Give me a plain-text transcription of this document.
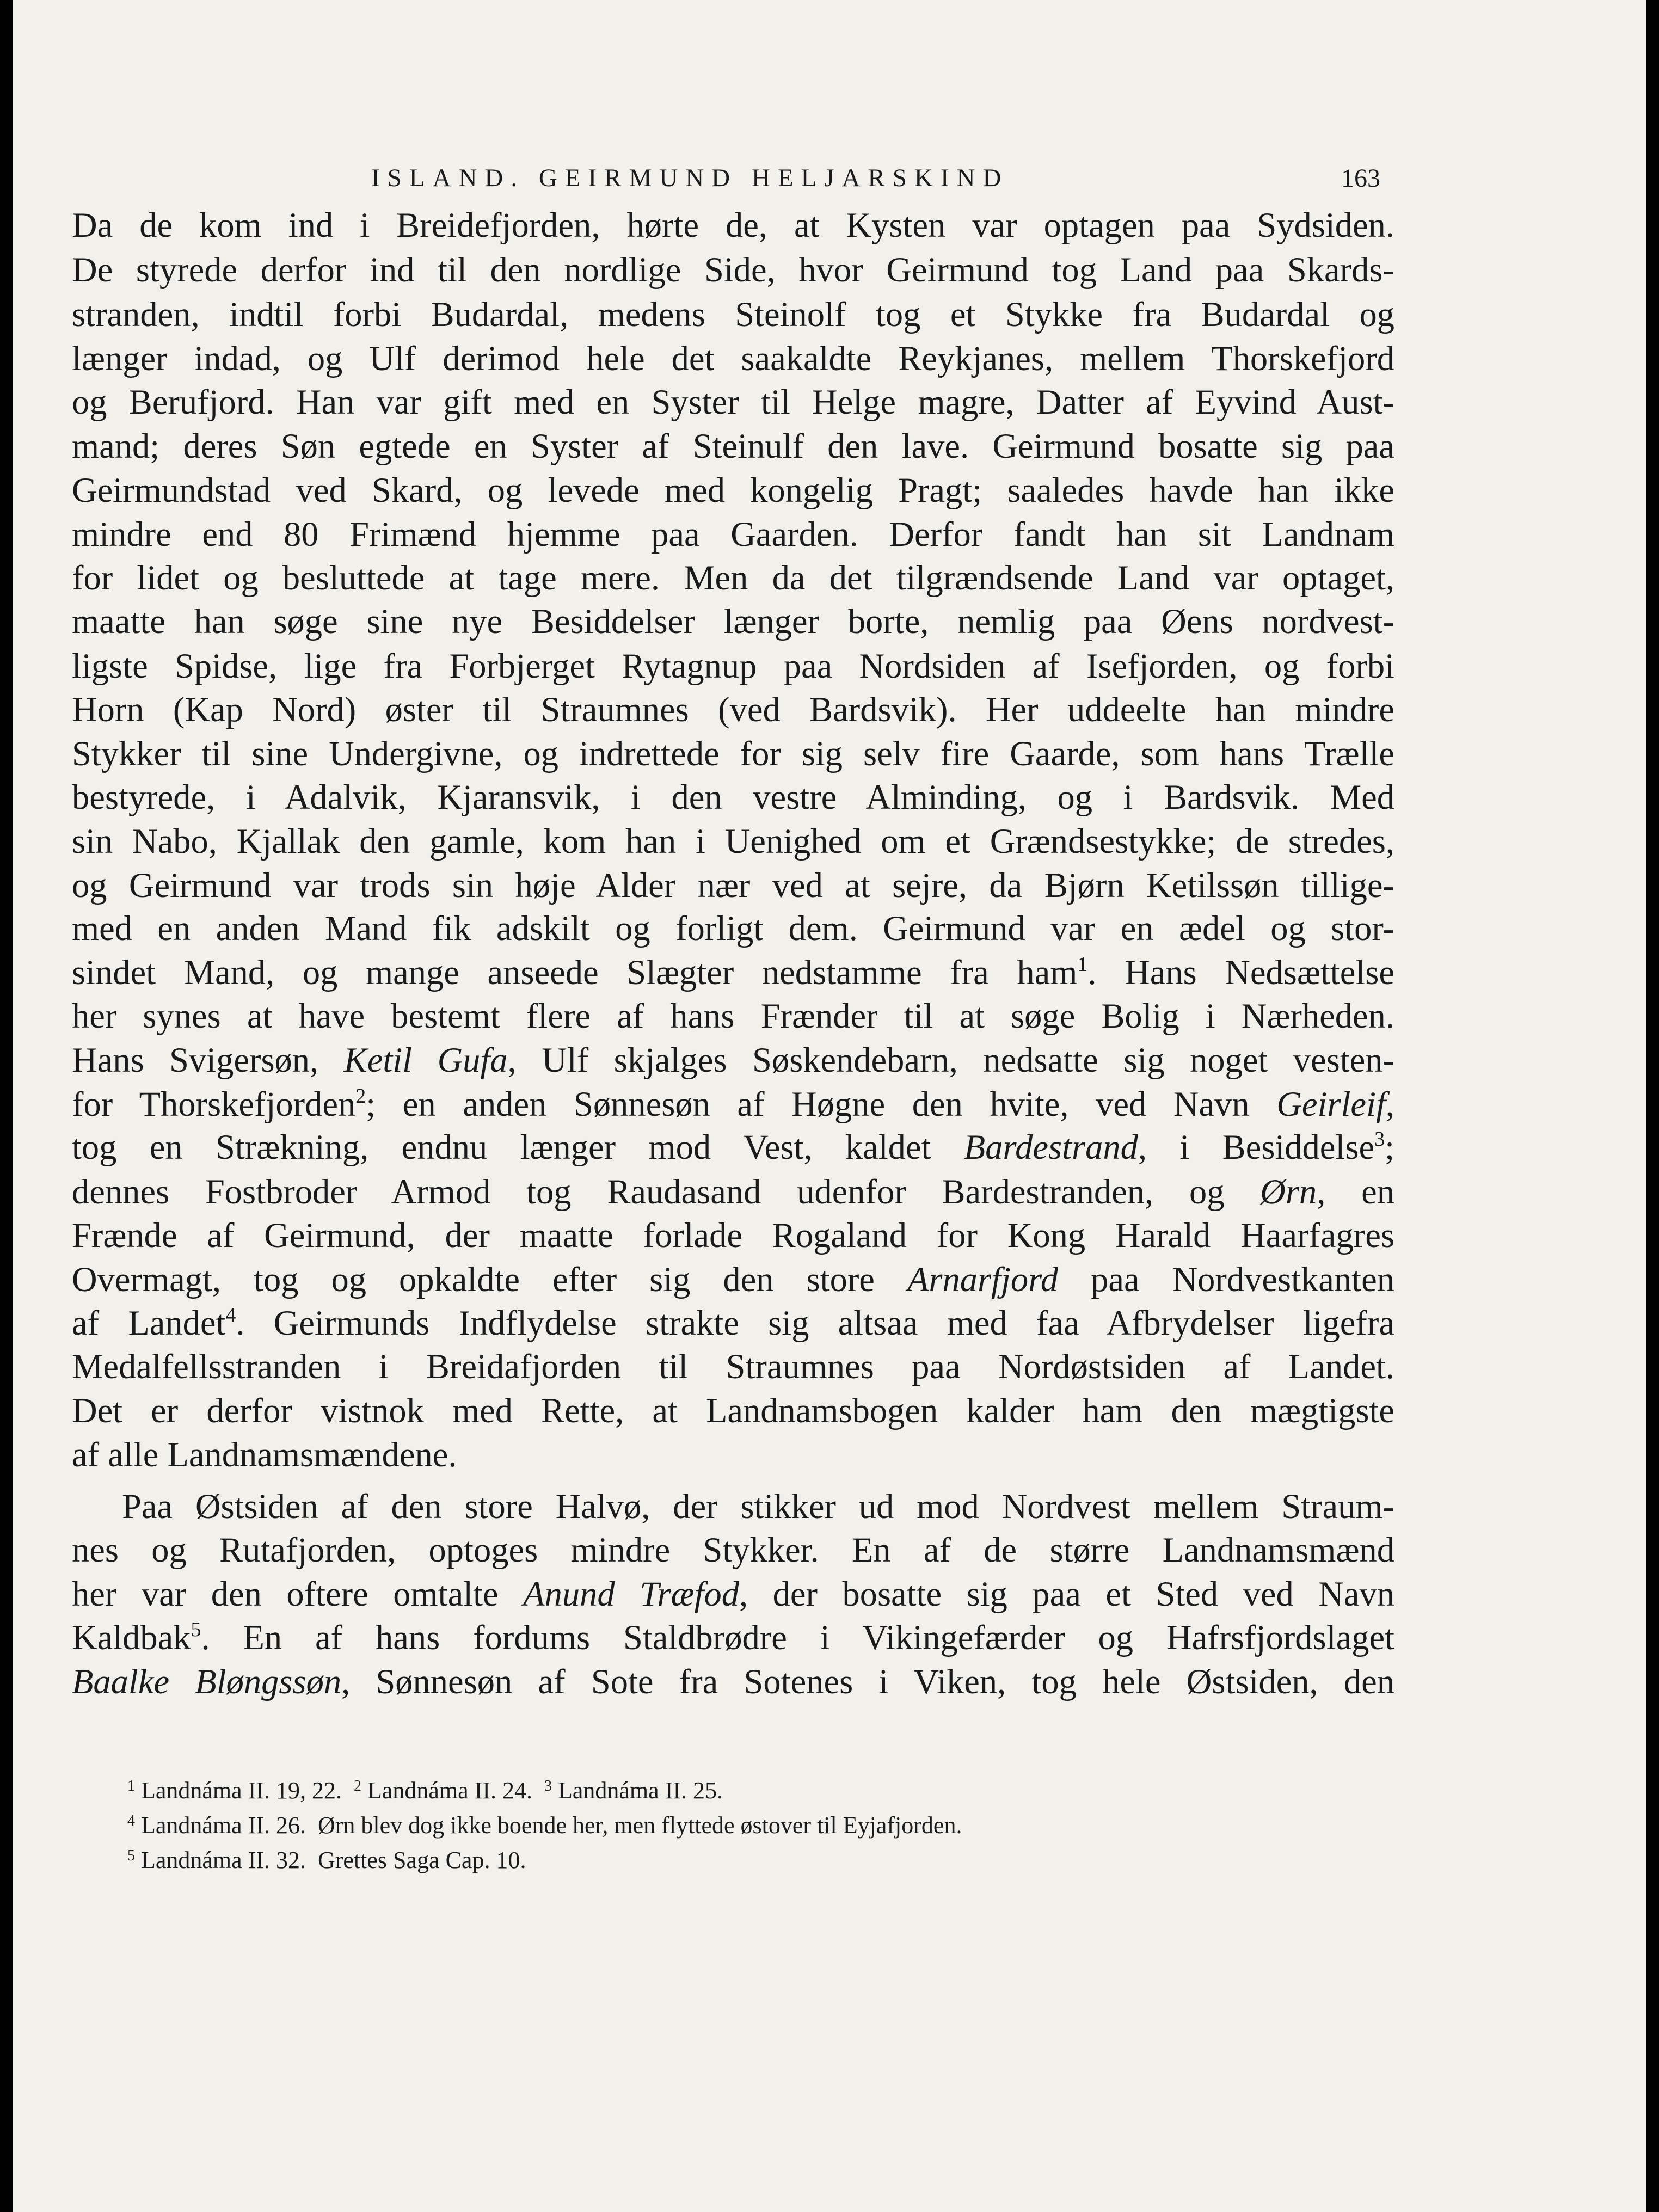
ISLAND. GEIRMUND HELJARSKIND	163
Da de kom ind i Breidefjorden, hørte de, at Kysten var optagen paa Sydsiden.
De styrede derfor ind til den nordlige Side, hvor Geirmund tog Land paa Skards-
stranden, indtil forbi Budardal, medens Steinolf tog et Stykke fra Budardal og
længer indad, og Ulf derimod hele det saakaldte Reykjanes, mellem Thorskefjord
og Berufjord. Han var gift med en Syster til Helge magre, Datter af Eyvind Aust-
mand; deres Søn egtede en Syster af Steinulf den lave. Geirmund bosatte sig paa
Geirmundstad ved Skard, og levede med kongelig Pragt; saaledes havde han ikke
mindre end 80 Frimænd hjemme paa Gaarden. Derfor fandt han sit Landnam
for lidet og besluttede at tage mere. Men da det tilgrændsende Land var optaget,
maatte han søge sine nye Besiddelser længer borte, nemlig paa Øens nordvest-
ligste Spidse, lige fra Forbjerget Rytagnup paa Nordsiden af Isefjorden, og forbi
Horn (Kap Nord) øster til Straumnes (ved Bardsvik). Her uddeelte han mindre
Stykker til sine Undergivne, og indrettede for sig selv fire Gaarde, som hans Trælle
bestyrede, i Adalvik, Kjaransvik, i den vestre Alminding, og i Bardsvik. Med
sin Nabo, Kjallak den gamle, kom han i Uenighed om et Grændsestykke; de stredes,
og Geirmund var trods sin høje Alder nær ved at sejre, da Bjørn Ketilssøn tillige-
med en anden Mand fik adskilt og forligt dem. Geirmund var en ædel og stor-
sindet Mand, og mange anseede Slægter nedstamme fra ham$^1$. Hans Nedsættelse
her synes at have bestemt flere af hans Frænder til at søge Bolig i Nærheden.
Hans Svigersøn, Ketil Gufa, Ulf skjalges Søskendebarn, nedsatte sig noget vesten-
for Thorskefjorden$^2$; en anden Sønnesøn af Høgne den hvite, ved Navn Geirleif,
tog en Strækning, endnu længer mod Vest, kaldet Bardestrand, i Besiddelse$^3$;
dennes Fostbroder Armod tog Raudasand udenfor Bardestranden, og Ørn, en
Frænde af Geirmund, der maatte forlade Rogaland for Kong Harald Haarfagres
Overmagt, tog og opkaldte efter sig den store Arnarfjord paa Nordvestkanten
af Landet$^4$. Geirmunds Indflydelse strakte sig altsaa med faa Afbrydelser ligefra
Medalfellsstranden i Breidafjorden til Straumnes paa Nordøstsiden af Landet.
Det er derfor vistnok med Rette, at Landnamsbogen kalder ham den mægtigste
af alle Landnamsmændene.
Paa Østsiden af den store Halvø, der stikker ud mod Nordvest mellem Straum-
nes og Rutafjorden, optoges mindre Stykker. En af de større Landnamsmænd
her var den oftere omtalte Anund Træfod, der bosatte sig paa et Sted ved Navn
Kaldbak$^5$. En af hans fordums Staldbrødre i Vikingefærder og Hafrsfjordslaget
Baalke Bløngssøn, Sønnesøn af Sote fra Sotenes i Viken, tog hele Østsiden, den
$^1$ Landnáma II. 19, 22.  $^2$ Landnáma II. 24.  $^3$ Landnáma II. 25.
$^4$ Landnáma II. 26.  Ørn blev dog ikke boende her, men flyttede østover til Eyjafjorden.
$^5$ Landnáma II. 32.  Grettes Saga Cap. 10.
